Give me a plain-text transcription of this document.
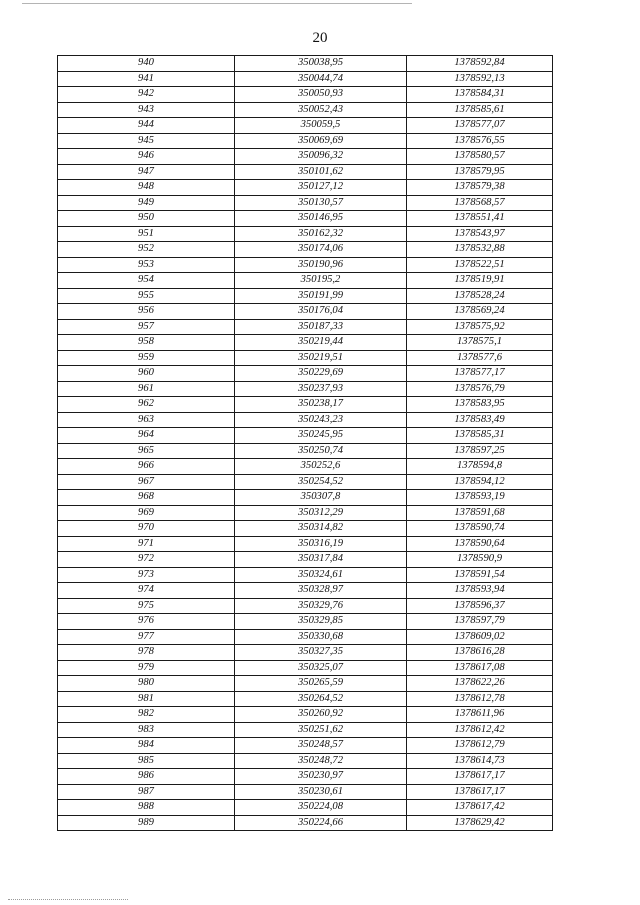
20
940	350038,95	1378592,84
941	350044,74	1378592,13
942	350050,93	1378584,31
943	350052,43	1378585,61
944	350059,5	1378577,07
945	350069,69	1378576,55
946	350096,32	1378580,57
947	350101,62	1378579,95
948	350127,12	1378579,38
949	350130,57	1378568,57
950	350146,95	1378551,41
951	350162,32	1378543,97
952	350174,06	1378532,88
953	350190,96	1378522,51
954	350195,2	1378519,91
955	350191,99	1378528,24
956	350176,04	1378569,24
957	350187,33	1378575,92
958	350219,44	1378575,1
959	350219,51	1378577,6
960	350229,69	1378577,17
961	350237,93	1378576,79
962	350238,17	1378583,95
963	350243,23	1378583,49
964	350245,95	1378585,31
965	350250,74	1378597,25
966	350252,6	1378594,8
967	350254,52	1378594,12
968	350307,8	1378593,19
969	350312,29	1378591,68
970	350314,82	1378590,74
971	350316,19	1378590,64
972	350317,84	1378590,9
973	350324,61	1378591,54
974	350328,97	1378593,94
975	350329,76	1378596,37
976	350329,85	1378597,79
977	350330,68	1378609,02
978	350327,35	1378616,28
979	350325,07	1378617,08
980	350265,59	1378622,26
981	350264,52	1378612,78
982	350260,92	1378611,96
983	350251,62	1378612,42
984	350248,57	1378612,79
985	350248,72	1378614,73
986	350230,97	1378617,17
987	350230,61	1378617,17
988	350224,08	1378617,42
989	350224,66	1378629,42
